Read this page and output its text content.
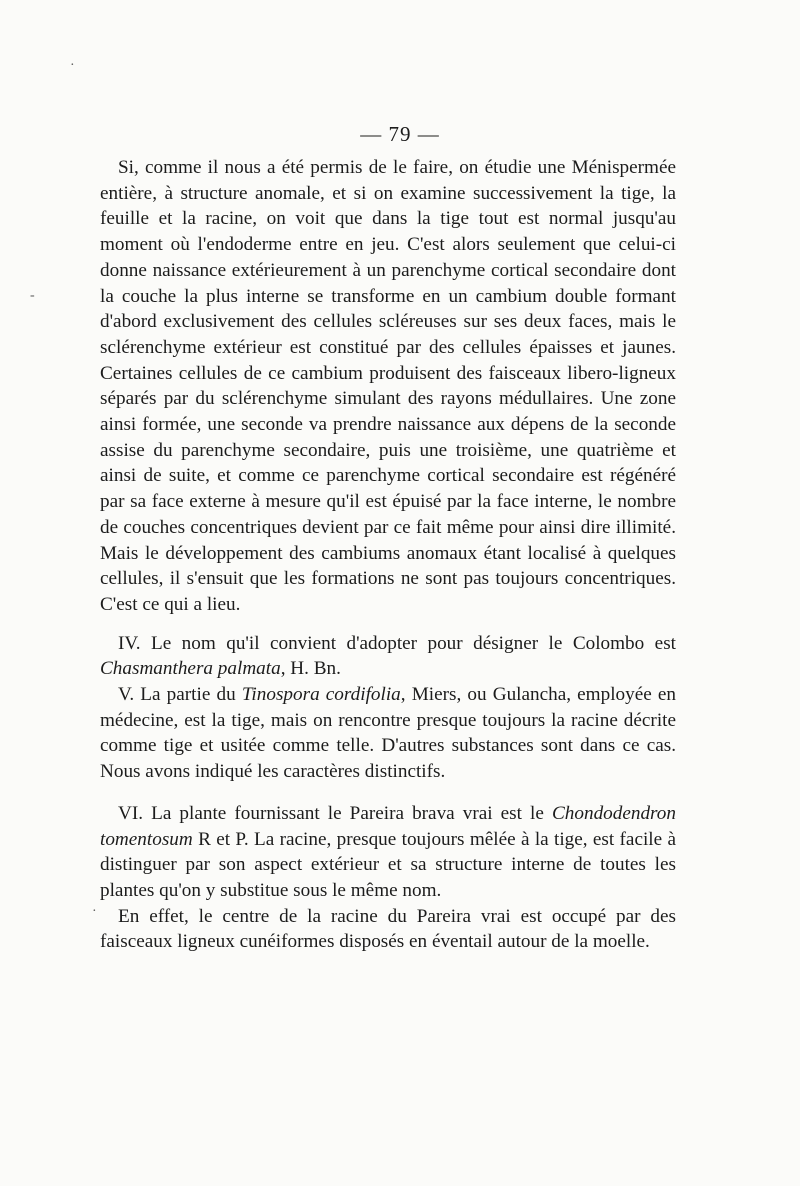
·
-
·
— 79 —

Si, comme il nous a été permis de le faire, on étudie une Ménispermée entière, à structure anomale, et si on examine successivement la tige, la feuille et la racine, on voit que dans la tige tout est normal jusqu'au moment où l'endoderme entre en jeu. C'est alors seulement que celui-ci donne naissance extérieurement à un parenchyme cortical secondaire dont la couche la plus interne se transforme en un cambium double formant d'abord exclusivement des cellules scléreuses sur ses deux faces, mais le sclérenchyme extérieur est constitué par des cellules épaisses et jaunes. Certaines cellules de ce cambium produisent des faisceaux libero-ligneux séparés par du sclérenchyme simulant des rayons médullaires. Une zone ainsi formée, une seconde va prendre naissance aux dépens de la seconde assise du parenchyme secondaire, puis une troisième, une quatrième et ainsi de suite, et comme ce parenchyme cortical secondaire est régénéré par sa face externe à mesure qu'il est épuisé par la face interne, le nombre de couches concentriques devient par ce fait même pour ainsi dire illimité. Mais le développement des cambiums anomaux étant localisé à quelques cellules, il s'ensuit que les formations ne sont pas toujours concentriques. C'est ce qui a lieu.

IV. Le nom qu'il convient d'adopter pour désigner le Colombo est Chasmanthera palmata, H. Bn.

V. La partie du Tinospora cordifolia, Miers, ou Gulancha, employée en médecine, est la tige, mais on rencontre presque toujours la racine décrite comme tige et usitée comme telle. D'autres substances sont dans ce cas. Nous avons indiqué les caractères distinctifs.

VI. La plante fournissant le Pareira brava vrai est le Chondodendron tomentosum R et P. La racine, presque toujours mêlée à la tige, est facile à distinguer par son aspect extérieur et sa structure interne de toutes les plantes qu'on y substitue sous le même nom.

En effet, le centre de la racine du Pareira vrai est occupé par des faisceaux ligneux cunéiformes disposés en éventail autour de la moelle.
